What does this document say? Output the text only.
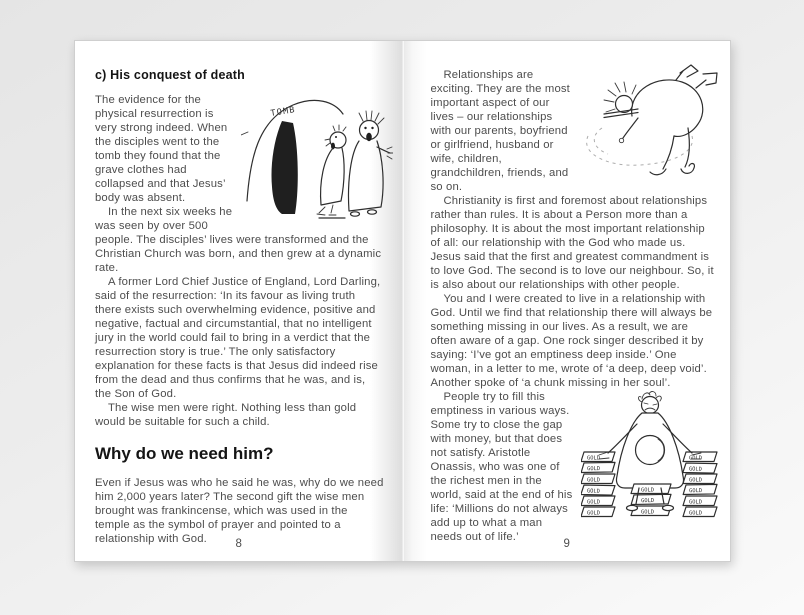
c) His conquest of death
TOMB

The evidence for the physical resurrection is very strong indeed. When the disciples went to the tomb they found that the grave clothes had collapsed and that Jesus’ body was absent.

In the next six weeks he was seen by over 500 people. The disciples’ lives were transformed and the Christian Church was born, and then grew at a dynamic rate.

A former Lord Chief Justice of England, Lord Darling, said of the resurrection: ‘In its favour as living truth there exists such overwhelming evidence, positive and negative, factual and circumstantial, that no intelligent jury in the world could fail to bring in a verdict that the resurrection story is true.’ The only satisfactory explanation for these facts is that Jesus did indeed rise from the dead and thus confirms that he was, and is, the Son of God.

The wise men were right. Nothing less than gold would be suitable for such a child.

Why do we need him?

Even if Jesus was who he said he was, why do we need him 2,000 years later? The second gift the wise men brought was frankincense, which was used in the temple as the symbol of prayer and pointed to a relationship with God.	8

Relationships are exciting. They are the most important aspect of our lives – our relationships with our parents, boyfriend or girlfriend, husband or wife, children, grandchildren, friends, and so on.

Christianity is first and foremost about relationships rather than rules. It is about a Person more than a philosophy. It is about the most important relationship of all: our relationship with the God who made us. Jesus said that the first and greatest commandment is to love God. The second is to love our neighbour. So, it is also about our relationships with other people.

You and I were created to live in a relationship with God. Until we find that relationship there will always be something missing in our lives. As a result, we are often aware of a gap. One rock singer described it by saying: ‘I’ve got an emptiness deep inside.’ One woman, in a letter to me, wrote of ‘a deep, deep void’. Another spoke of ‘a chunk missing in her soul’.

GOLD
GOLD
GOLD
GOLD
GOLD
GOLD
GOLD
GOLD
GOLD
GOLD
GOLD
GOLD
GOLD
GOLD
GOLD

People try to fill this emptiness in various ways. Some try to close the gap with money, but that does not satisfy. Aristotle Onassis, who was one of the richest men in the world, said at the end of his life: ‘Millions do not always add up to what a man needs out of life.’

9
